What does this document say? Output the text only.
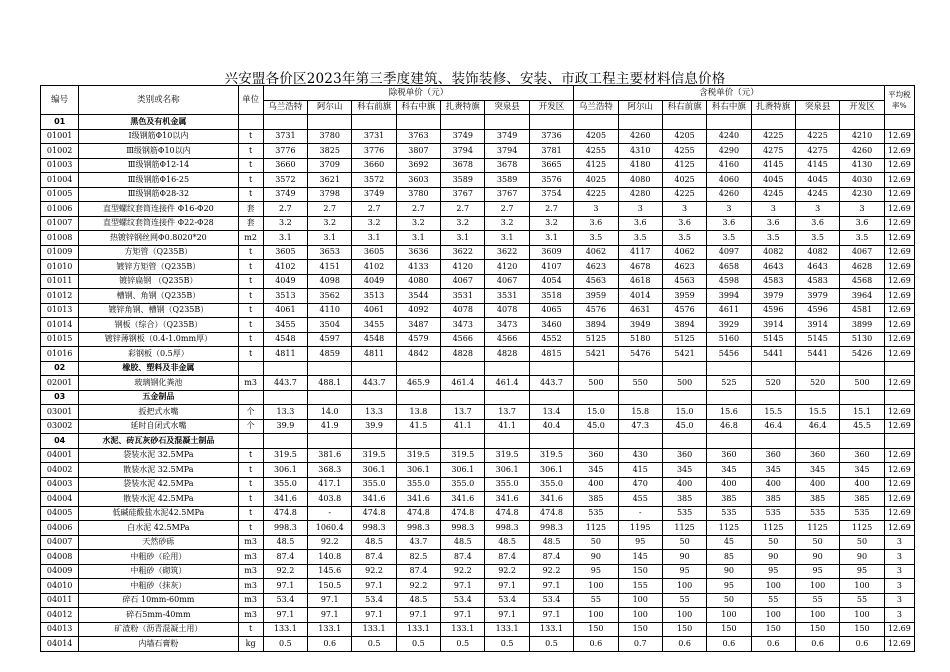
兴安盟各价区2023年第三季度建筑、装饰装修、安装、市政工程主要材料信息价格
编号	类别或名称	单位	除税单价（元）							含税单价（元）							平均税率%
			乌兰浩特	阿尔山	科右前旗	科右中旗	扎赉特旗	突泉县	开发区	乌兰浩特	阿尔山	科右前旗	科右中旗	扎赉特旗	突泉县	开发区	
01	黑色及有机金属																
01001	Ⅰ级钢筋Φ10以内	t	3731	3780	3731	3763	3749	3749	3736	4205	4260	4205	4240	4225	4225	4210	12.69
01002	Ⅲ级钢筋Φ10以内	t	3776	3825	3776	3807	3794	3794	3781	4255	4310	4255	4290	4275	4275	4260	12.69
01003	Ⅲ级钢筋Φ12-14	t	3660	3709	3660	3692	3678	3678	3665	4125	4180	4125	4160	4145	4145	4130	12.69
01004	Ⅲ级钢筋Φ16-25	t	3572	3621	3572	3603	3589	3589	3576	4025	4080	4025	4060	4045	4045	4030	12.69
01005	Ⅲ级钢筋Φ28-32	t	3749	3798	3749	3780	3767	3767	3754	4225	4280	4225	4260	4245	4245	4230	12.69
01006	直型螺纹套筒连接件 Φ16-Φ20	套	2.7	2.7	2.7	2.7	2.7	2.7	2.7	3	3	3	3	3	3	3	12.69
01007	直型螺纹套筒连接件 Φ22-Φ28	套	3.2	3.2	3.2	3.2	3.2	3.2	3.2	3.6	3.6	3.6	3.6	3.6	3.6	3.6	12.69
01008	热镀锌钢丝网Φ0.8020*20	m2	3.1	3.1	3.1	3.1	3.1	3.1	3.1	3.5	3.5	3.5	3.5	3.5	3.5	3.5	12.69
01009	方矩管（Q235B）	t	3605	3653	3605	3636	3622	3622	3609	4062	4117	4062	4097	4082	4082	4067	12.69
01010	镀锌方矩管（Q235B）	t	4102	4151	4102	4133	4120	4120	4107	4623	4678	4623	4658	4643	4643	4628	12.69
01011	镀锌扁钢 （Q235B）	t	4049	4098	4049	4080	4067	4067	4054	4563	4618	4563	4598	4583	4583	4568	12.69
01012	槽钢、角钢（Q235B）	t	3513	3562	3513	3544	3531	3531	3518	3959	4014	3959	3994	3979	3979	3964	12.69
01013	镀锌角钢、槽钢（Q235B）	t	4061	4110	4061	4092	4078	4078	4065	4576	4631	4576	4611	4596	4596	4581	12.69
01014	钢板（综合）（Q235B）	t	3455	3504	3455	3487	3473	3473	3460	3894	3949	3894	3929	3914	3914	3899	12.69
01015	镀锌薄钢板（0.4-1.0mm厚）	t	4548	4597	4548	4579	4566	4566	4552	5125	5180	5125	5160	5145	5145	5130	12.69
01016	彩钢板（0.5厚）	t	4811	4859	4811	4842	4828	4828	4815	5421	5476	5421	5456	5441	5441	5426	12.69
02	橡胶、塑料及非金属																
02001	玻璃钢化粪池	m3	443.7	488.1	443.7	465.9	461.4	461.4	443.7	500	550	500	525	520	520	500	12.69
03	五金制品																
03001	扳把式水嘴	个	13.3	14.0	13.3	13.8	13.7	13.7	13.4	15.0	15.8	15.0	15.6	15.5	15.5	15.1	12.69
03002	延时自闭式水嘴	个	39.9	41.9	39.9	41.5	41.1	41.1	40.4	45.0	47.3	45.0	46.8	46.4	46.4	45.5	12.69
04	水泥、砖瓦灰砂石及混凝土制品																
04001	袋装水泥 32.5MPa	t	319.5	381.6	319.5	319.5	319.5	319.5	319.5	360	430	360	360	360	360	360	12.69
04002	散装水泥 32.5MPa	t	306.1	368.3	306.1	306.1	306.1	306.1	306.1	345	415	345	345	345	345	345	12.69
04003	袋装水泥 42.5MPa	t	355.0	417.1	355.0	355.0	355.0	355.0	355.0	400	470	400	400	400	400	400	12.69
04004	散装水泥 42.5MPa	t	341.6	403.8	341.6	341.6	341.6	341.6	341.6	385	455	385	385	385	385	385	12.69
04005	低碱硅酸盐水泥42.5MPa	t	474.8	-	474.8	474.8	474.8	474.8	474.8	535	-	535	535	535	535	535	12.69
04006	白水泥 42.5MPa	t	998.3	1060.4	998.3	998.3	998.3	998.3	998.3	1125	1195	1125	1125	1125	1125	1125	12.69
04007	天然砂砾	m3	48.5	92.2	48.5	43.7	48.5	48.5	48.5	50	95	50	45	50	50	50	3
04008	中粗砂（砼用）	m3	87.4	140.8	87.4	82.5	87.4	87.4	87.4	90	145	90	85	90	90	90	3
04009	中粗砂（砌筑）	m3	92.2	145.6	92.2	87.4	92.2	92.2	92.2	95	150	95	90	95	95	95	3
04010	中粗砂（抹灰）	m3	97.1	150.5	97.1	92.2	97.1	97.1	97.1	100	155	100	95	100	100	100	3
04011	碎石 10mm-60mm	m3	53.4	97.1	53.4	48.5	53.4	53.4	53.4	55	100	55	50	55	55	55	3
04012	碎石5mm-40mm	m3	97.1	97.1	97.1	97.1	97.1	97.1	97.1	100	100	100	100	100	100	100	3
04013	矿渣粉（沥青混凝土用）	t	133.1	133.1	133.1	133.1	133.1	133.1	133.1	150	150	150	150	150	150	150	12.69
04014	内墙石膏粉	kg	0.5	0.6	0.5	0.5	0.5	0.5	0.5	0.6	0.7	0.6	0.6	0.6	0.6	0.6	12.69
